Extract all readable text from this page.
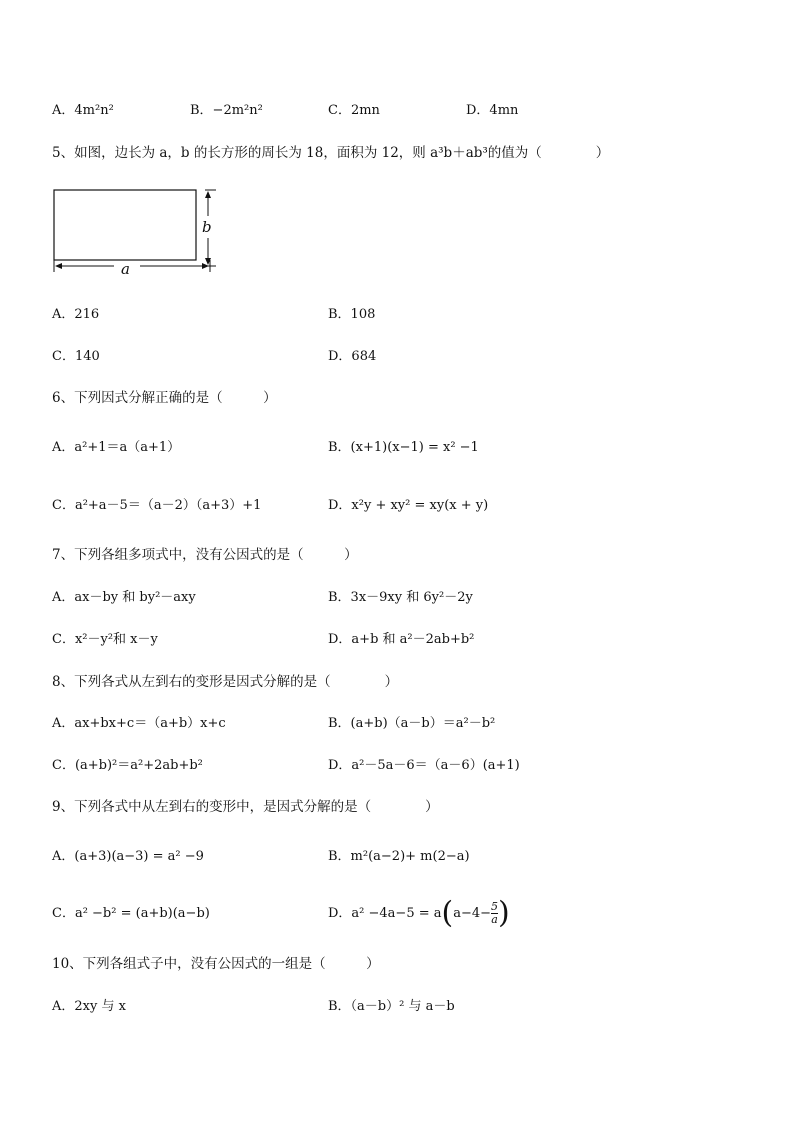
A．4m²n²	B．−2m²n²	C．2mn	D．4mn
5、如图，边长为 a，b 的长方形的周长为 18，面积为 12，则 a³b＋ab³的值为（　　　　）
b
a
A．216	B．108
C．140	D．684
6、下列因式分解正确的是（　　　）
A．a²+1＝a（a+1）	B．(x+1)(x−1) = x² −1
C．a²+a－5＝（a－2）（a+3）+1	D．x²y + xy² = xy(x + y)
7、下列各组多项式中，没有公因式的是（　　　）
A．ax－by 和 by²－axy	B．3x－9xy 和 6y²－2y
C．x²－y²和 x－y	D．a+b 和 a²－2ab+b²
8、下列各式从左到右的变形是因式分解的是（　　　　）
A．ax+bx+c＝（a+b）x+c	B．(a+b)（a－b）＝a²－b²
C．(a+b)²＝a²+2ab+b²	D．a²－5a－6＝（a－6）(a+1)
9、下列各式中从左到右的变形中，是因式分解的是（　　　　）
A．(a+3)(a−3) = a² −9	B．m²(a−2)+ m(2−a)
C．a² −b² = (a+b)(a−b)	D．$a^2 -4a-5 = a(a-4- \frac{5}{a}$ )
10、下列各组式子中，没有公因式的一组是（　　　）
A．2xy 与 x	B．（a－b）² 与 a－b
